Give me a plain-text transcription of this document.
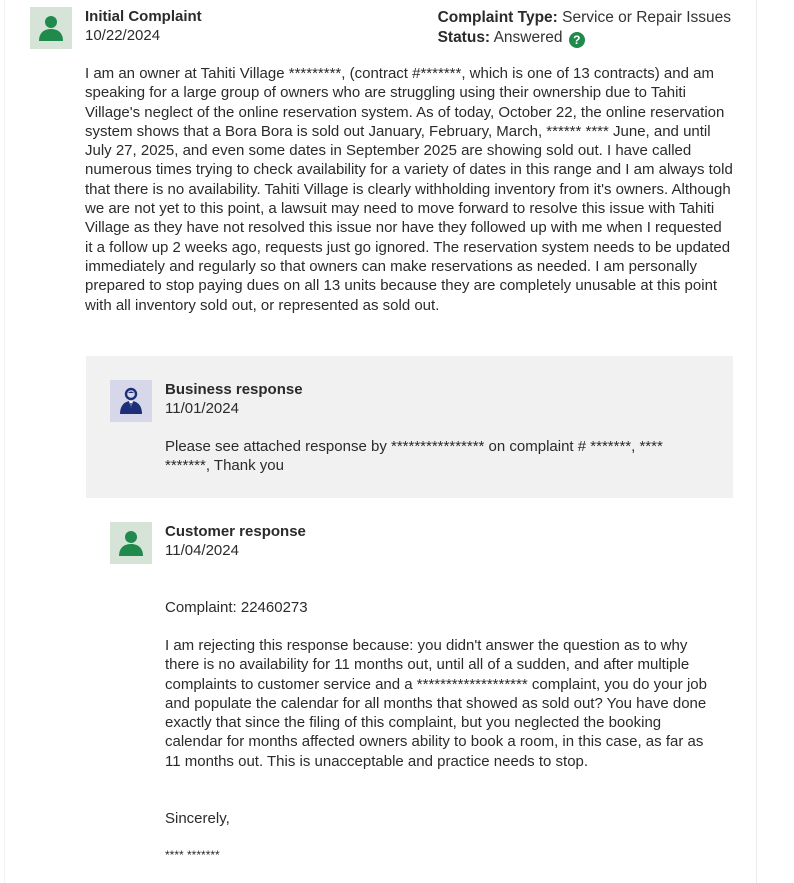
Initial Complaint
10/22/2024
Complaint Type: Service or Repair Issues
Status: Answered ?
I am an owner at Tahiti Village *********, (contract #*******, which is one of 13 contracts) and am speaking for a large group of owners who are struggling using their ownership due to Tahiti Village's neglect of the online reservation system. As of today, October 22, the online reservation system shows that a Bora Bora is sold out January, February, March, ****** **** June, and until July 27, 2025, and even some dates in September 2025 are showing sold out. I have called numerous times trying to check availability for a variety of dates in this range and I am always told that there is no availability. Tahiti Village is clearly withholding inventory from it's owners. Although we are not yet to this point, a lawsuit may need to move forward to resolve this issue with Tahiti Village as they have not resolved this issue nor have they followed up with me when I requested it a follow up 2 weeks ago, requests just go ignored. The reservation system needs to be updated immediately and regularly so that owners can make reservations as needed. I am personally prepared to stop paying dues on all 13 units because they are completely unusable at this point with all inventory sold out, or represented as sold out.
Business response
11/01/2024
Please see attached response by **************** on complaint # *******, **** *******, Thank you
Customer response
11/04/2024
Complaint: 22460273
I am rejecting this response because: you didn't answer the question as to why there is no availability for 11 months out, until all of a sudden, and after multiple complaints to customer service and a ******************* complaint, you do your job and populate the calendar for all months that showed as sold out? You have done exactly that since the filing of this complaint, but you neglected the booking calendar for months affected owners ability to book a room, in this case, as far as 11 months out. This is unacceptable and practice needs to stop.
Sincerely,
**** *******
